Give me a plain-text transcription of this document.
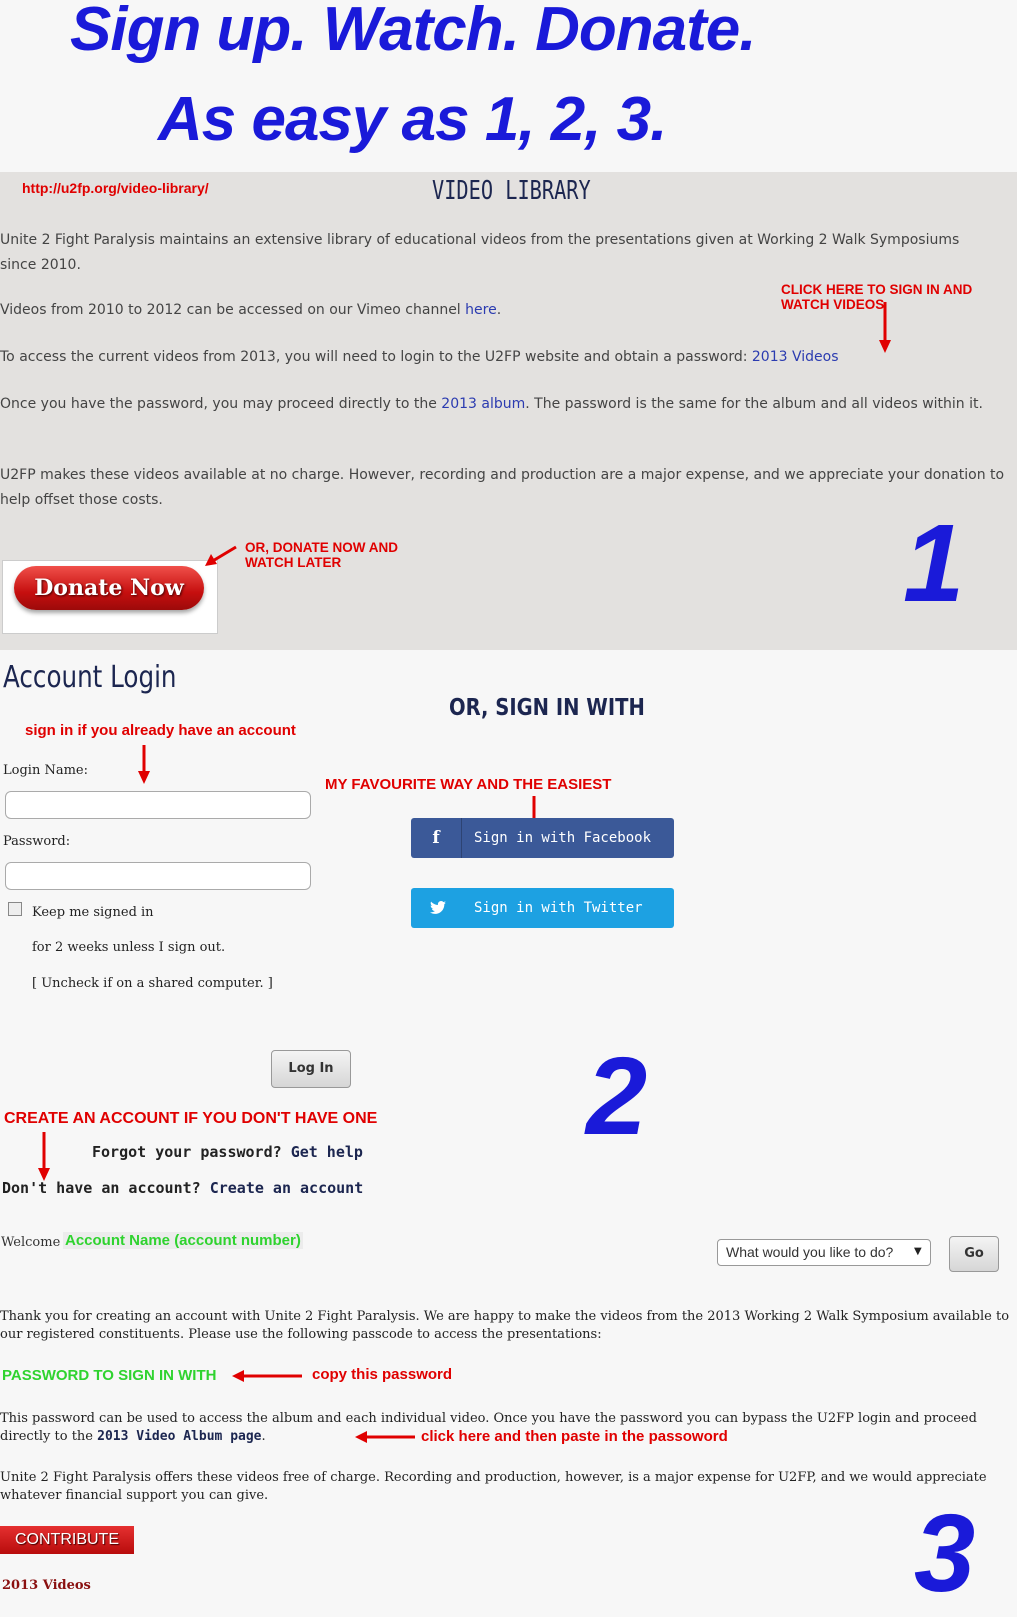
Sign up. Watch. Donate.
As easy as 1, 2, 3.
http://u2fp.org/video-library/	VIDEO LIBRARY
Unite 2 Fight Paralysis maintains an extensive library of educational videos from the presentations given at Working 2 Walk Symposiums since 2010.
Videos from 2010 to 2012 can be accessed on our Vimeo channel here.
CLICK HERE TO SIGN IN AND WATCH VIDEOS
To access the current videos from 2013, you will need to login to the U2FP website and obtain a password: 2013 Videos
Once you have the password, you may proceed directly to the 2013 album. The password is the same for the album and all videos within it.
U2FP makes these videos available at no charge. However, recording and production are a major expense, and we appreciate your donation to help offset those costs.
Donate Now
OR, DONATE NOW AND WATCH LATER	1
Account Login
sign in if you already have an account
Login Name:
Password:
Keep me signed in
for 2 weeks unless I sign out.
[ Uncheck if on a shared computer. ]
Log In
OR, SIGN IN WITH
MY FAVOURITE WAY AND THE EASIEST
f	Sign in with Facebook
Sign in with Twitter
2
CREATE AN ACCOUNT IF YOU DON'T HAVE ONE
Forgot your password? Get help
Don't have an account? Create an account
Welcome Account Name (account number)
What would you like to do? ▼	Go
Thank you for creating an account with Unite 2 Fight Paralysis. We are happy to make the videos from the 2013 Working 2 Walk Symposium available to our registered constituents. Please use the following passcode to access the presentations:
PASSWORD TO SIGN IN WITH	copy this password
This password can be used to access the album and each individual video. Once you have the password you can bypass the U2FP login and proceed directly to the 2013 Video Album page.	click here and then paste in the passoword
Unite 2 Fight Paralysis offers these videos free of charge. Recording and production, however, is a major expense for U2FP, and we would appreciate whatever financial support you can give.
CONTRIBUTE
2013 Videos	3
